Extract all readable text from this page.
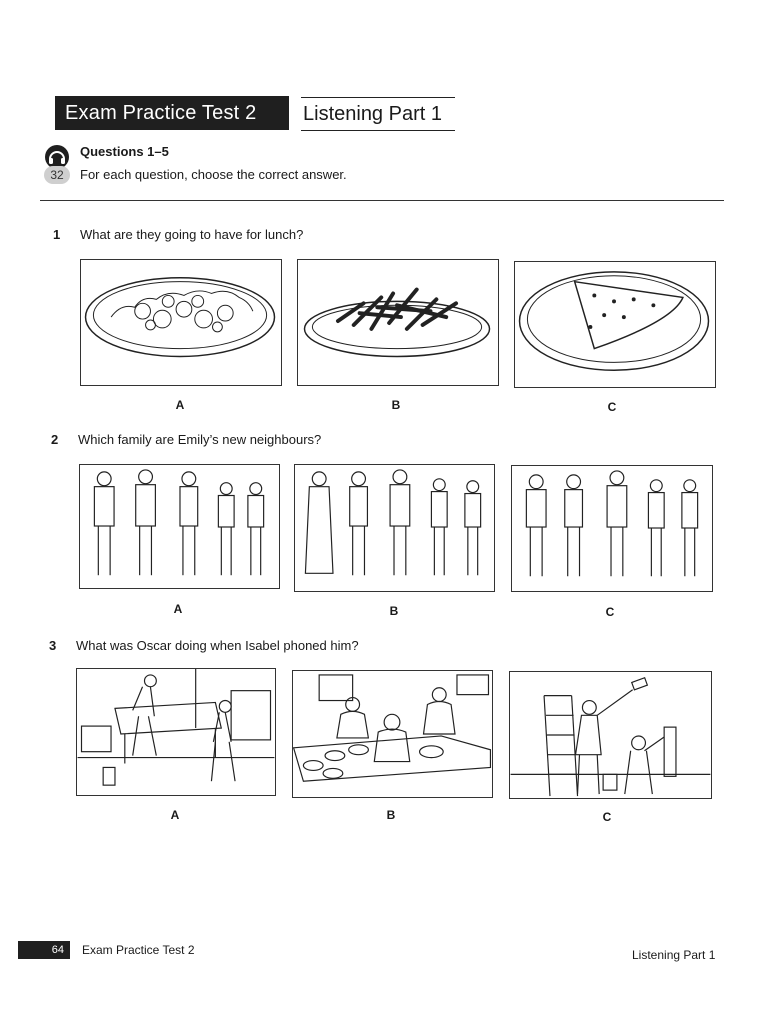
Exam Practice Test 2	Listening Part 1
32
Questions 1–5
For each question, choose the correct answer.
1 What are they going to have for lunch?
A	B	C
2 Which family are Emily’s new neighbours?
A	B	C
3 What was Oscar doing when Isabel phoned him?
A	B	C
64	Exam Practice Test 2	Listening Part 1
